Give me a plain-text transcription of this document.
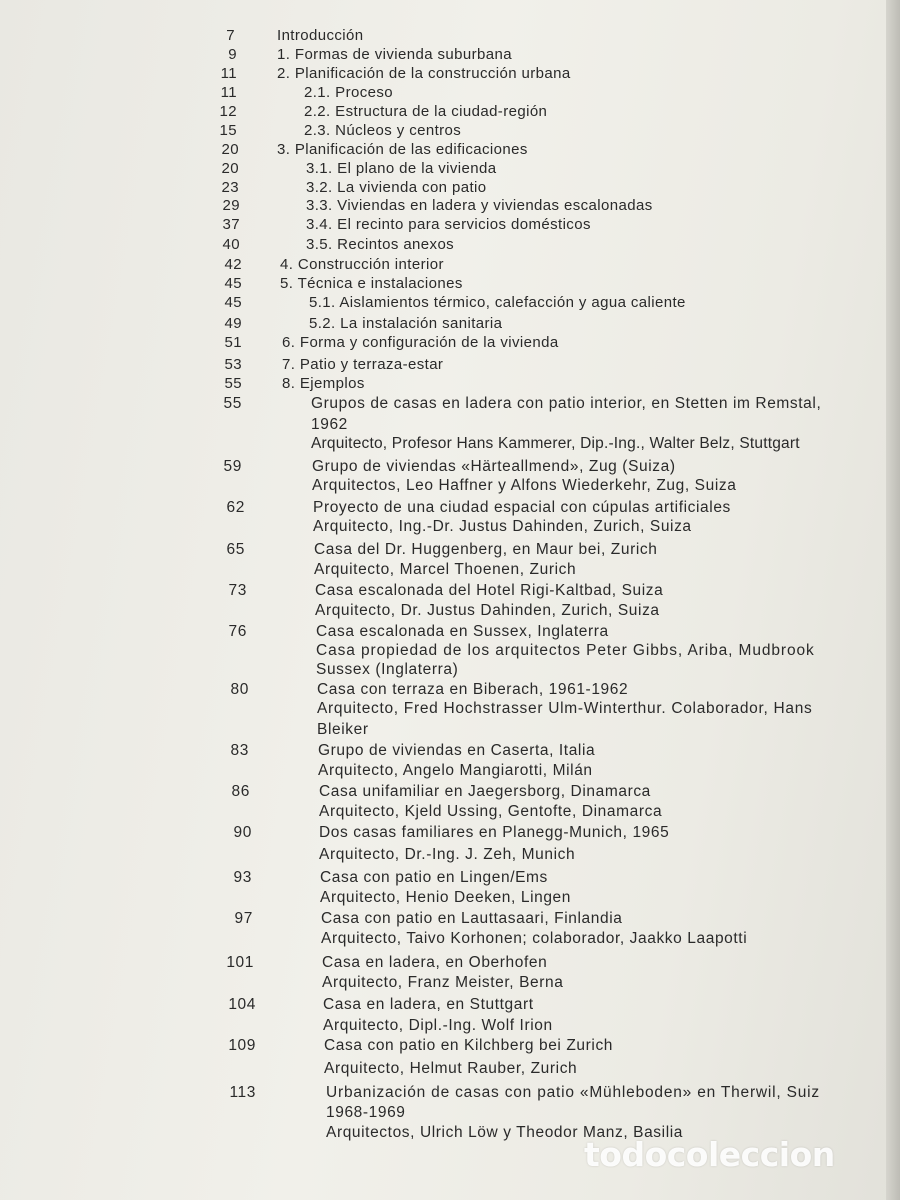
7	Introducción
9	1. Formas de vivienda suburbana
11	2. Planificación de la construcción urbana
11	2.1. Proceso
12	2.2. Estructura de la ciudad-región
15	2.3. Núcleos y centros
20	3. Planificación de las edificaciones
20	3.1. El plano de la vivienda
23	3.2. La vivienda con patio
29	3.3. Viviendas en ladera y viviendas escalonadas
37	3.4. El recinto para servicios domésticos
40	3.5. Recintos anexos
42	4. Construcción interior
45	5. Técnica e instalaciones
45	5.1. Aislamientos térmico, calefacción y agua caliente
49	5.2. La instalación sanitaria
51	6. Forma y configuración de la vivienda
53	7. Patio y terraza-estar
55	8. Ejemplos
55	Grupos de casas en ladera con patio interior, en Stetten im Remstal,
1962
Arquitecto, Profesor Hans Kammerer, Dip.-Ing., Walter Belz, Stuttgart
59	Grupo de viviendas «Härteallmend», Zug (Suiza)
Arquitectos, Leo Haffner y Alfons Wiederkehr, Zug, Suiza
62	Proyecto de una ciudad espacial con cúpulas artificiales
Arquitecto, Ing.-Dr. Justus Dahinden, Zurich, Suiza
65	Casa del Dr. Huggenberg, en Maur bei, Zurich
Arquitecto, Marcel Thoenen, Zurich
73	Casa escalonada del Hotel Rigi-Kaltbad, Suiza
Arquitecto, Dr. Justus Dahinden, Zurich, Suiza
76	Casa escalonada en Sussex, Inglaterra
Casa propiedad de los arquitectos Peter Gibbs, Ariba, Mudbrook
Sussex (Inglaterra)
80	Casa con terraza en Biberach, 1961-1962
Arquitecto, Fred Hochstrasser Ulm-Winterthur. Colaborador, Hans
Bleiker
83	Grupo de viviendas en Caserta, Italia
Arquitecto, Angelo Mangiarotti, Milán
86	Casa unifamiliar en Jaegersborg, Dinamarca
Arquitecto, Kjeld Ussing, Gentofte, Dinamarca
90	Dos casas familiares en Planegg-Munich, 1965
Arquitecto, Dr.-Ing. J. Zeh, Munich
93	Casa con patio en Lingen/Ems
Arquitecto, Henio Deeken, Lingen
97	Casa con patio en Lauttasaari, Finlandia
Arquitecto, Taivo Korhonen; colaborador, Jaakko Laapotti
101	Casa en ladera, en Oberhofen
Arquitecto, Franz Meister, Berna
104	Casa en ladera, en Stuttgart
Arquitecto, Dipl.-Ing. Wolf Irion
109	Casa con patio en Kilchberg bei Zurich
Arquitecto, Helmut Rauber, Zurich
113	Urbanización de casas con patio «Mühleboden» en Therwil, Suiz
1968-1969
Arquitectos, Ulrich Löw y Theodor Manz, Basilia
todocoleccion
